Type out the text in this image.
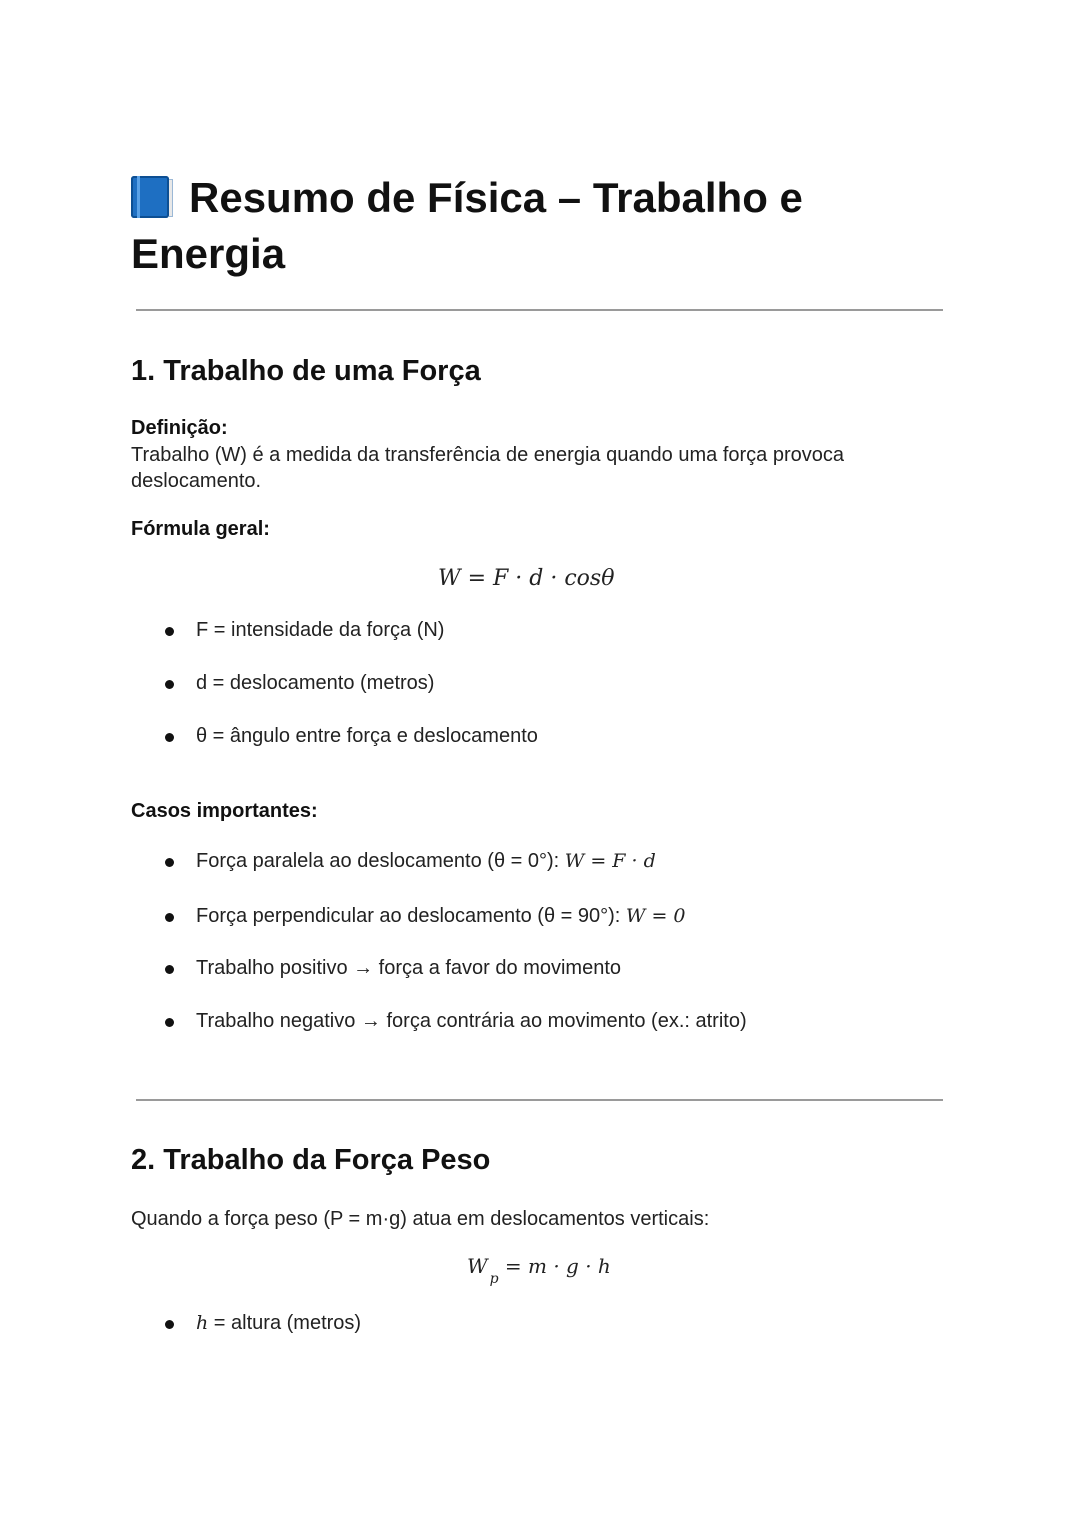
Resumo de Física – Trabalho e Energia
1. Trabalho de uma Força
Definição:
Trabalho (W) é a medida da transferência de energia quando uma força provoca deslocamento.
Fórmula geral:
W = F · d · cosθ
F = intensidade da força (N)
d = deslocamento (metros)
θ = ângulo entre força e deslocamento
Casos importantes:
Força paralela ao deslocamento (θ = 0°): W = F · d
Força perpendicular ao deslocamento (θ = 90°): W = 0
Trabalho positivo → força a favor do movimento
Trabalho negativo → força contrária ao movimento (ex.: atrito)
2. Trabalho da Força Peso
Quando a força peso (P = m·g) atua em deslocamentos verticais:
$W_p = m \cdot g \cdot h$
h = altura (metros)
